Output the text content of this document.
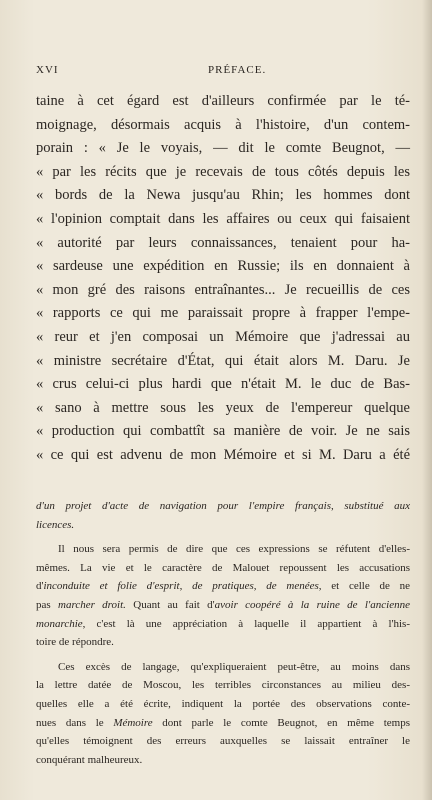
XVI	PRÉFACE.
taine à cet égard est d'ailleurs confirmée par le té-
moignage, désormais acquis à l'histoire, d'un contem-
porain : « Je le voyais, — dit le comte Beugnot, —
« par les récits que je recevais de tous côtés depuis les
« bords de la Newa jusqu'au Rhin; les hommes dont
« l'opinion comptait dans les affaires ou ceux qui faisaient
« autorité par leurs connaissances, tenaient pour ha-
« sardeuse une expédition en Russie; ils en donnaient à
« mon gré des raisons entraînantes... Je recueillis de ces
« rapports ce qui me paraissait propre à frapper l'empe-
« reur et j'en composai un Mémoire que j'adressai au
« ministre secrétaire d'État, qui était alors M. Daru. Je
« crus celui-ci plus hardi que n'était M. le duc de Bas-
« sano à mettre sous les yeux de l'empereur quelque
« production qui combattît sa manière de voir. Je ne sais
« ce qui est advenu de mon Mémoire et si M. Daru a été
d'un projet d'acte de navigation pour l'empire français, substitué aux
licences.
Il nous sera permis de dire que ces expressions se réfutent d'elles-
mêmes. La vie et le caractère de Malouet repoussent les accusations
d'inconduite et folie d'esprit, de pratiques, de menées, et celle de ne
pas marcher droit. Quant au fait d'avoir coopéré à la ruine de l'ancienne
monarchie, c'est là une appréciation à laquelle il appartient à l'his-
toire de répondre.
Ces excès de langage, qu'expliqueraient peut-être, au moins dans
la lettre datée de Moscou, les terribles circonstances au milieu des-
quelles elle a été écrite, indiquent la portée des observations conte-
nues dans le Mémoire dont parle le comte Beugnot, en même temps
qu'elles témoignent des erreurs auxquelles se laissait entraîner le
conquérant malheureux.
